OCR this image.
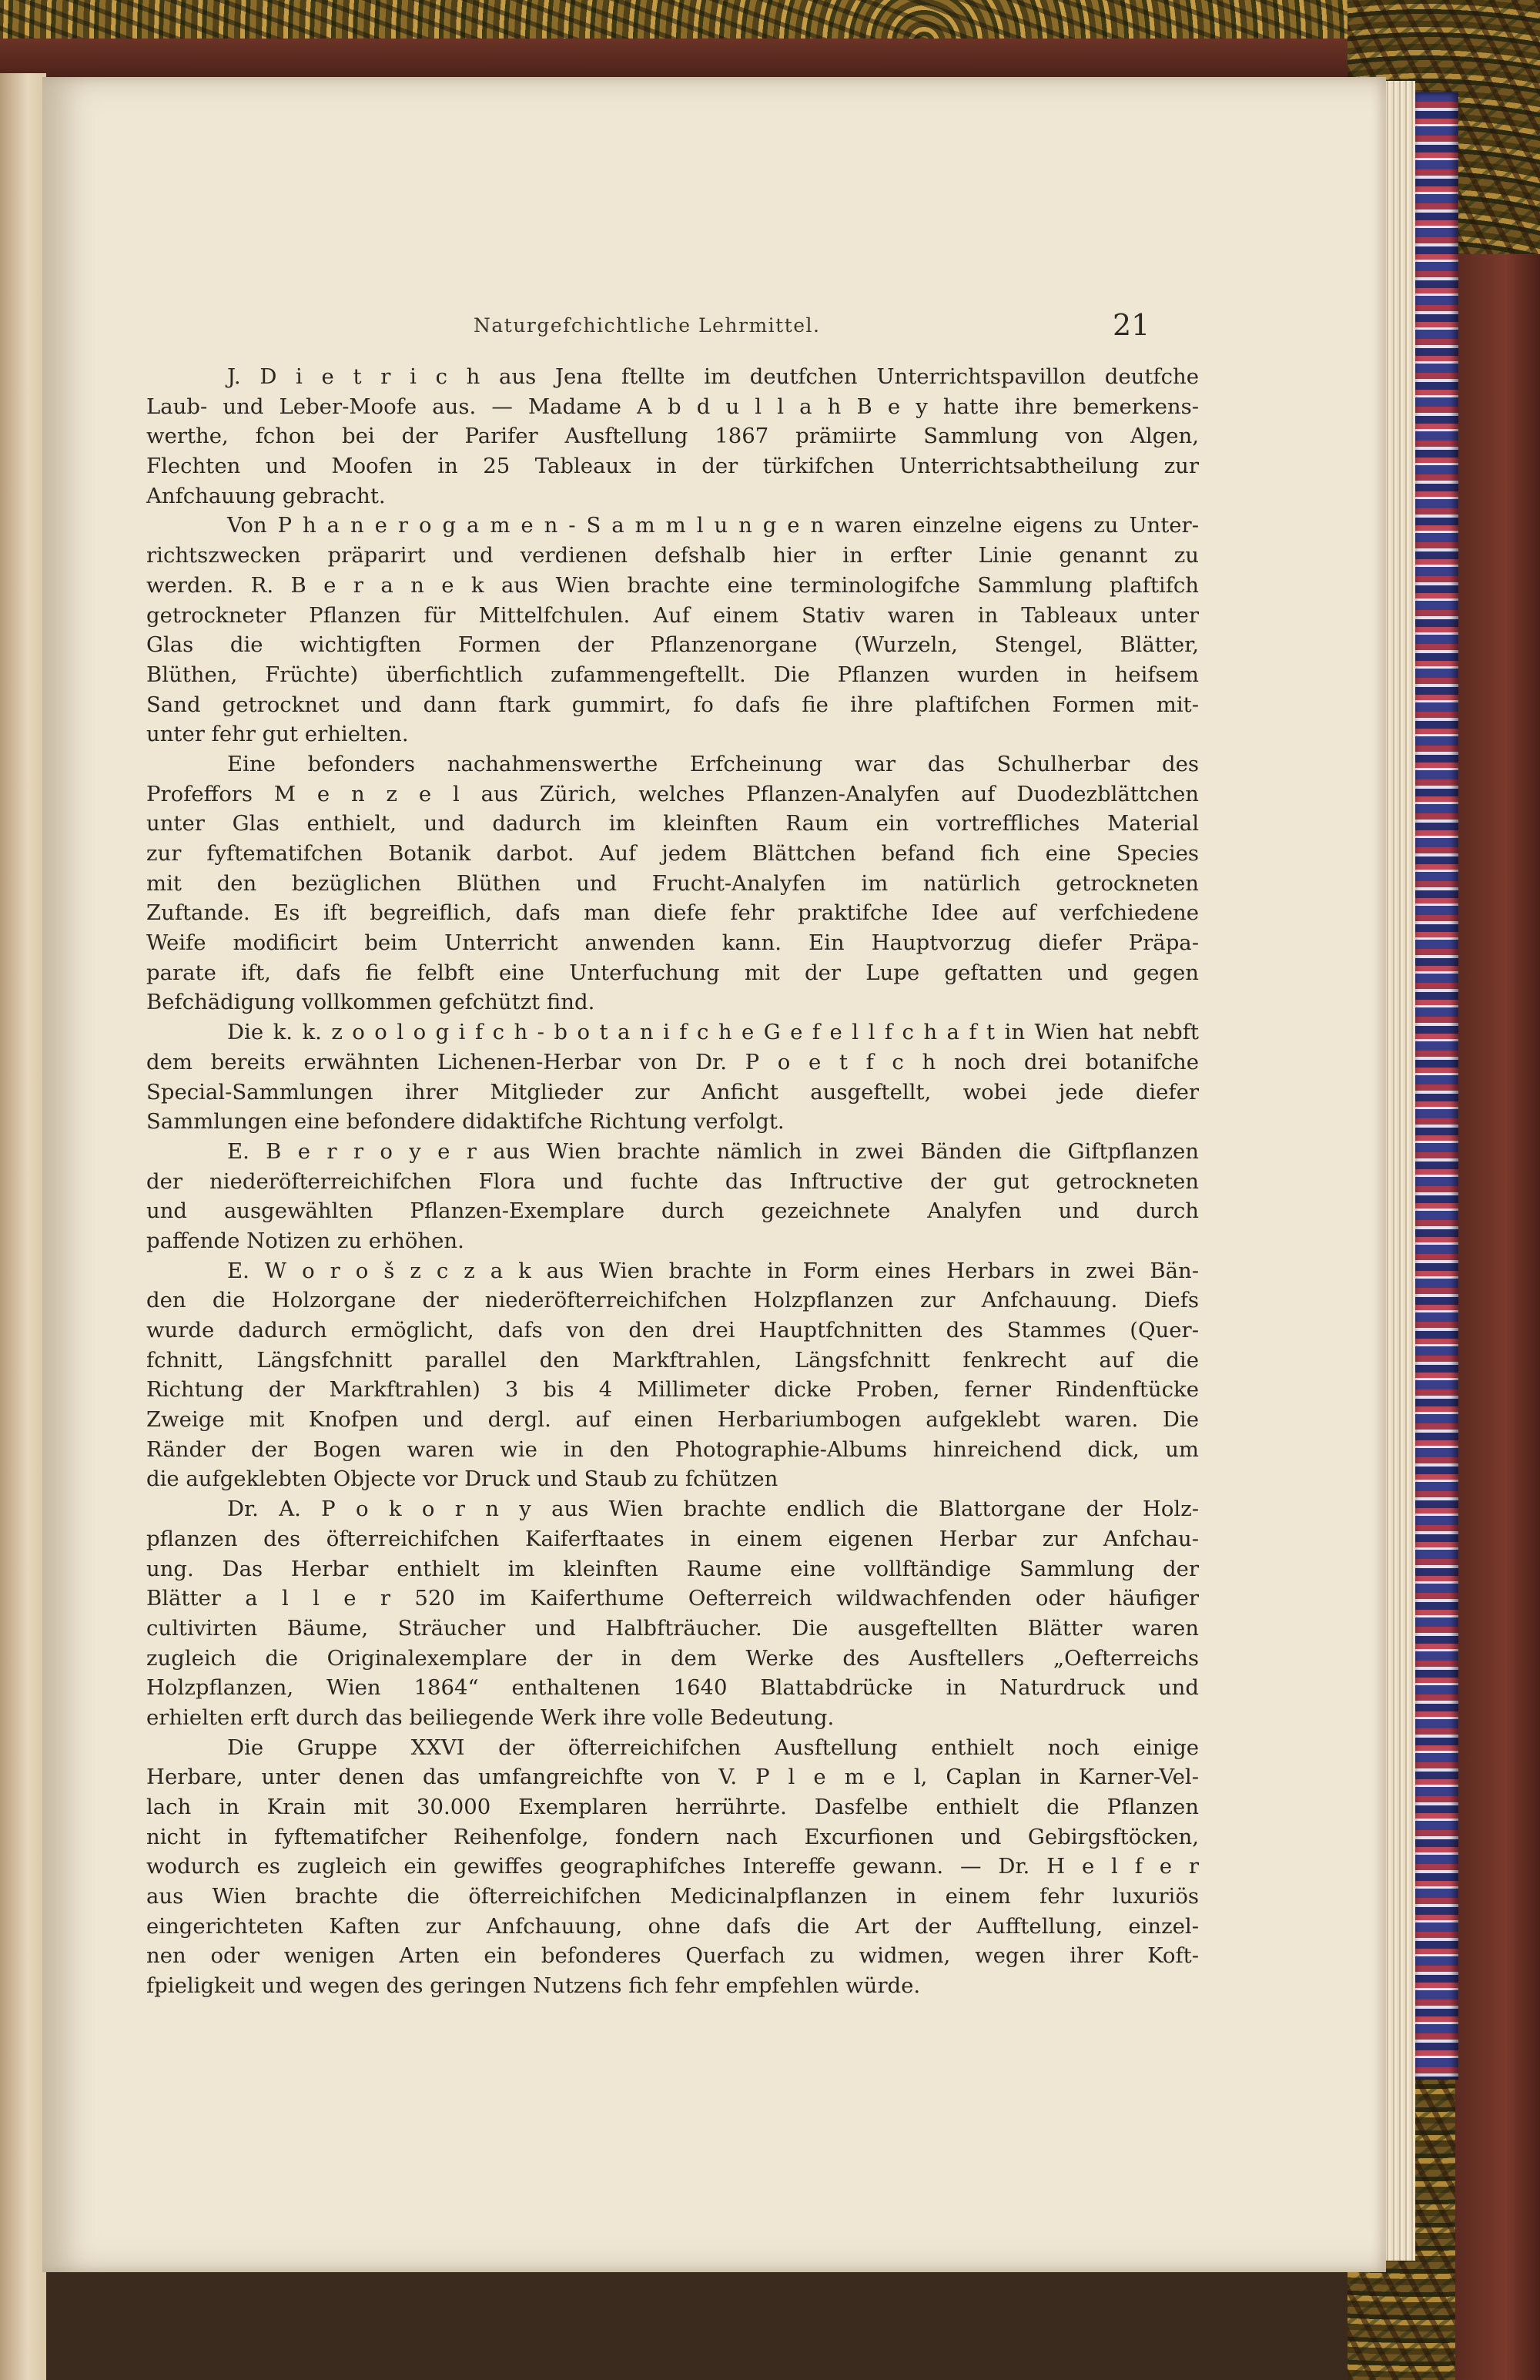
Naturgefchichtliche Lehrmittel.	21
J. D i e t r i c h aus Jena ftellte im deutfchen Unterrichtspavillon deutfche
Laub- und Leber-Moofe aus. — Madame A b d u l l a h B e y hatte ihre bemerkens-
werthe, fchon bei der Parifer Ausftellung 1867 prämiirte Sammlung von Algen,
Flechten und Moofen in 25 Tableaux in der türkifchen Unterrichtsabtheilung zur
Anfchauung gebracht.
Von P h a n e r o g a m e n - S a m m l u n g e n waren einzelne eigens zu Unter-
richtszwecken präparirt und verdienen defshalb hier in erfter Linie genannt zu
werden. R. B e r a n e k aus Wien brachte eine terminologifche Sammlung plaftifch
getrockneter Pflanzen für Mittelfchulen. Auf einem Stativ waren in Tableaux unter
Glas die wichtigften Formen der Pflanzenorgane (Wurzeln, Stengel, Blätter,
Blüthen, Früchte) überfichtlich zufammengeftellt. Die Pflanzen wurden in heifsem
Sand getrocknet und dann ftark gummirt, fo dafs fie ihre plaftifchen Formen mit-
unter fehr gut erhielten.
Eine befonders nachahmenswerthe Erfcheinung war das Schulherbar des
Profeffors M e n z e l aus Zürich, welches Pflanzen-Analyfen auf Duodezblättchen
unter Glas enthielt, und dadurch im kleinften Raum ein vortreffliches Material
zur fyftematifchen Botanik darbot. Auf jedem Blättchen befand fich eine Species
mit den bezüglichen Blüthen und Frucht-Analyfen im natürlich getrockneten
Zuftande. Es ift begreiflich, dafs man diefe fehr praktifche Idee auf verfchiedene
Weife modificirt beim Unterricht anwenden kann. Ein Hauptvorzug diefer Präpa-
parate ift, dafs fie felbft eine Unterfuchung mit der Lupe geftatten und gegen
Befchädigung vollkommen gefchützt find.
Die k. k. z o o l o g i f c h - b o t a n i f c h e G e f e l l f c h a f t in Wien hat nebft
dem bereits erwähnten Lichenen-Herbar von Dr. P o e t f c h noch drei botanifche
Special-Sammlungen ihrer Mitglieder zur Anficht ausgeftellt, wobei jede diefer
Sammlungen eine befondere didaktifche Richtung verfolgt.
E. B e r r o y e r aus Wien brachte nämlich in zwei Bänden die Giftpflanzen
der niederöfterreichifchen Flora und fuchte das Inftructive der gut getrockneten
und ausgewählten Pflanzen-Exemplare durch gezeichnete Analyfen und durch
paffende Notizen zu erhöhen.
E. W o r o š z c z a k aus Wien brachte in Form eines Herbars in zwei Bän-
den die Holzorgane der niederöfterreichifchen Holzpflanzen zur Anfchauung. Diefs
wurde dadurch ermöglicht, dafs von den drei Hauptfchnitten des Stammes (Quer-
fchnitt, Längsfchnitt parallel den Markftrahlen, Längsfchnitt fenkrecht auf die
Richtung der Markftrahlen) 3 bis 4 Millimeter dicke Proben, ferner Rindenftücke
Zweige mit Knofpen und dergl. auf einen Herbariumbogen aufgeklebt waren. Die
Ränder der Bogen waren wie in den Photographie-Albums hinreichend dick, um
die aufgeklebten Objecte vor Druck und Staub zu fchützen
Dr. A. P o k o r n y aus Wien brachte endlich die Blattorgane der Holz-
pflanzen des öfterreichifchen Kaiferftaates in einem eigenen Herbar zur Anfchau-
ung. Das Herbar enthielt im kleinften Raume eine vollftändige Sammlung der
Blätter a l l e r 520 im Kaiferthume Oefterreich wildwachfenden oder häufiger
cultivirten Bäume, Sträucher und Halbfträucher. Die ausgeftellten Blätter waren
zugleich die Originalexemplare der in dem Werke des Ausftellers „Oefterreichs
Holzpflanzen, Wien 1864“ enthaltenen 1640 Blattabdrücke in Naturdruck und
erhielten erft durch das beiliegende Werk ihre volle Bedeutung.
Die Gruppe XXVI der öfterreichifchen Ausftellung enthielt noch einige
Herbare, unter denen das umfangreichfte von V. P l e m e l, Caplan in Karner-Vel-
lach in Krain mit 30.000 Exemplaren herrührte. Dasfelbe enthielt die Pflanzen
nicht in fyftematifcher Reihenfolge, fondern nach Excurfionen und Gebirgsftöcken,
wodurch es zugleich ein gewiffes geographifches Intereffe gewann. — Dr. H e l f e r
aus Wien brachte die öfterreichifchen Medicinalpflanzen in einem fehr luxuriös
eingerichteten Kaften zur Anfchauung, ohne dafs die Art der Aufftellung, einzel-
nen oder wenigen Arten ein befonderes Querfach zu widmen, wegen ihrer Koft-
fpieligkeit und wegen des geringen Nutzens fich fehr empfehlen würde.
